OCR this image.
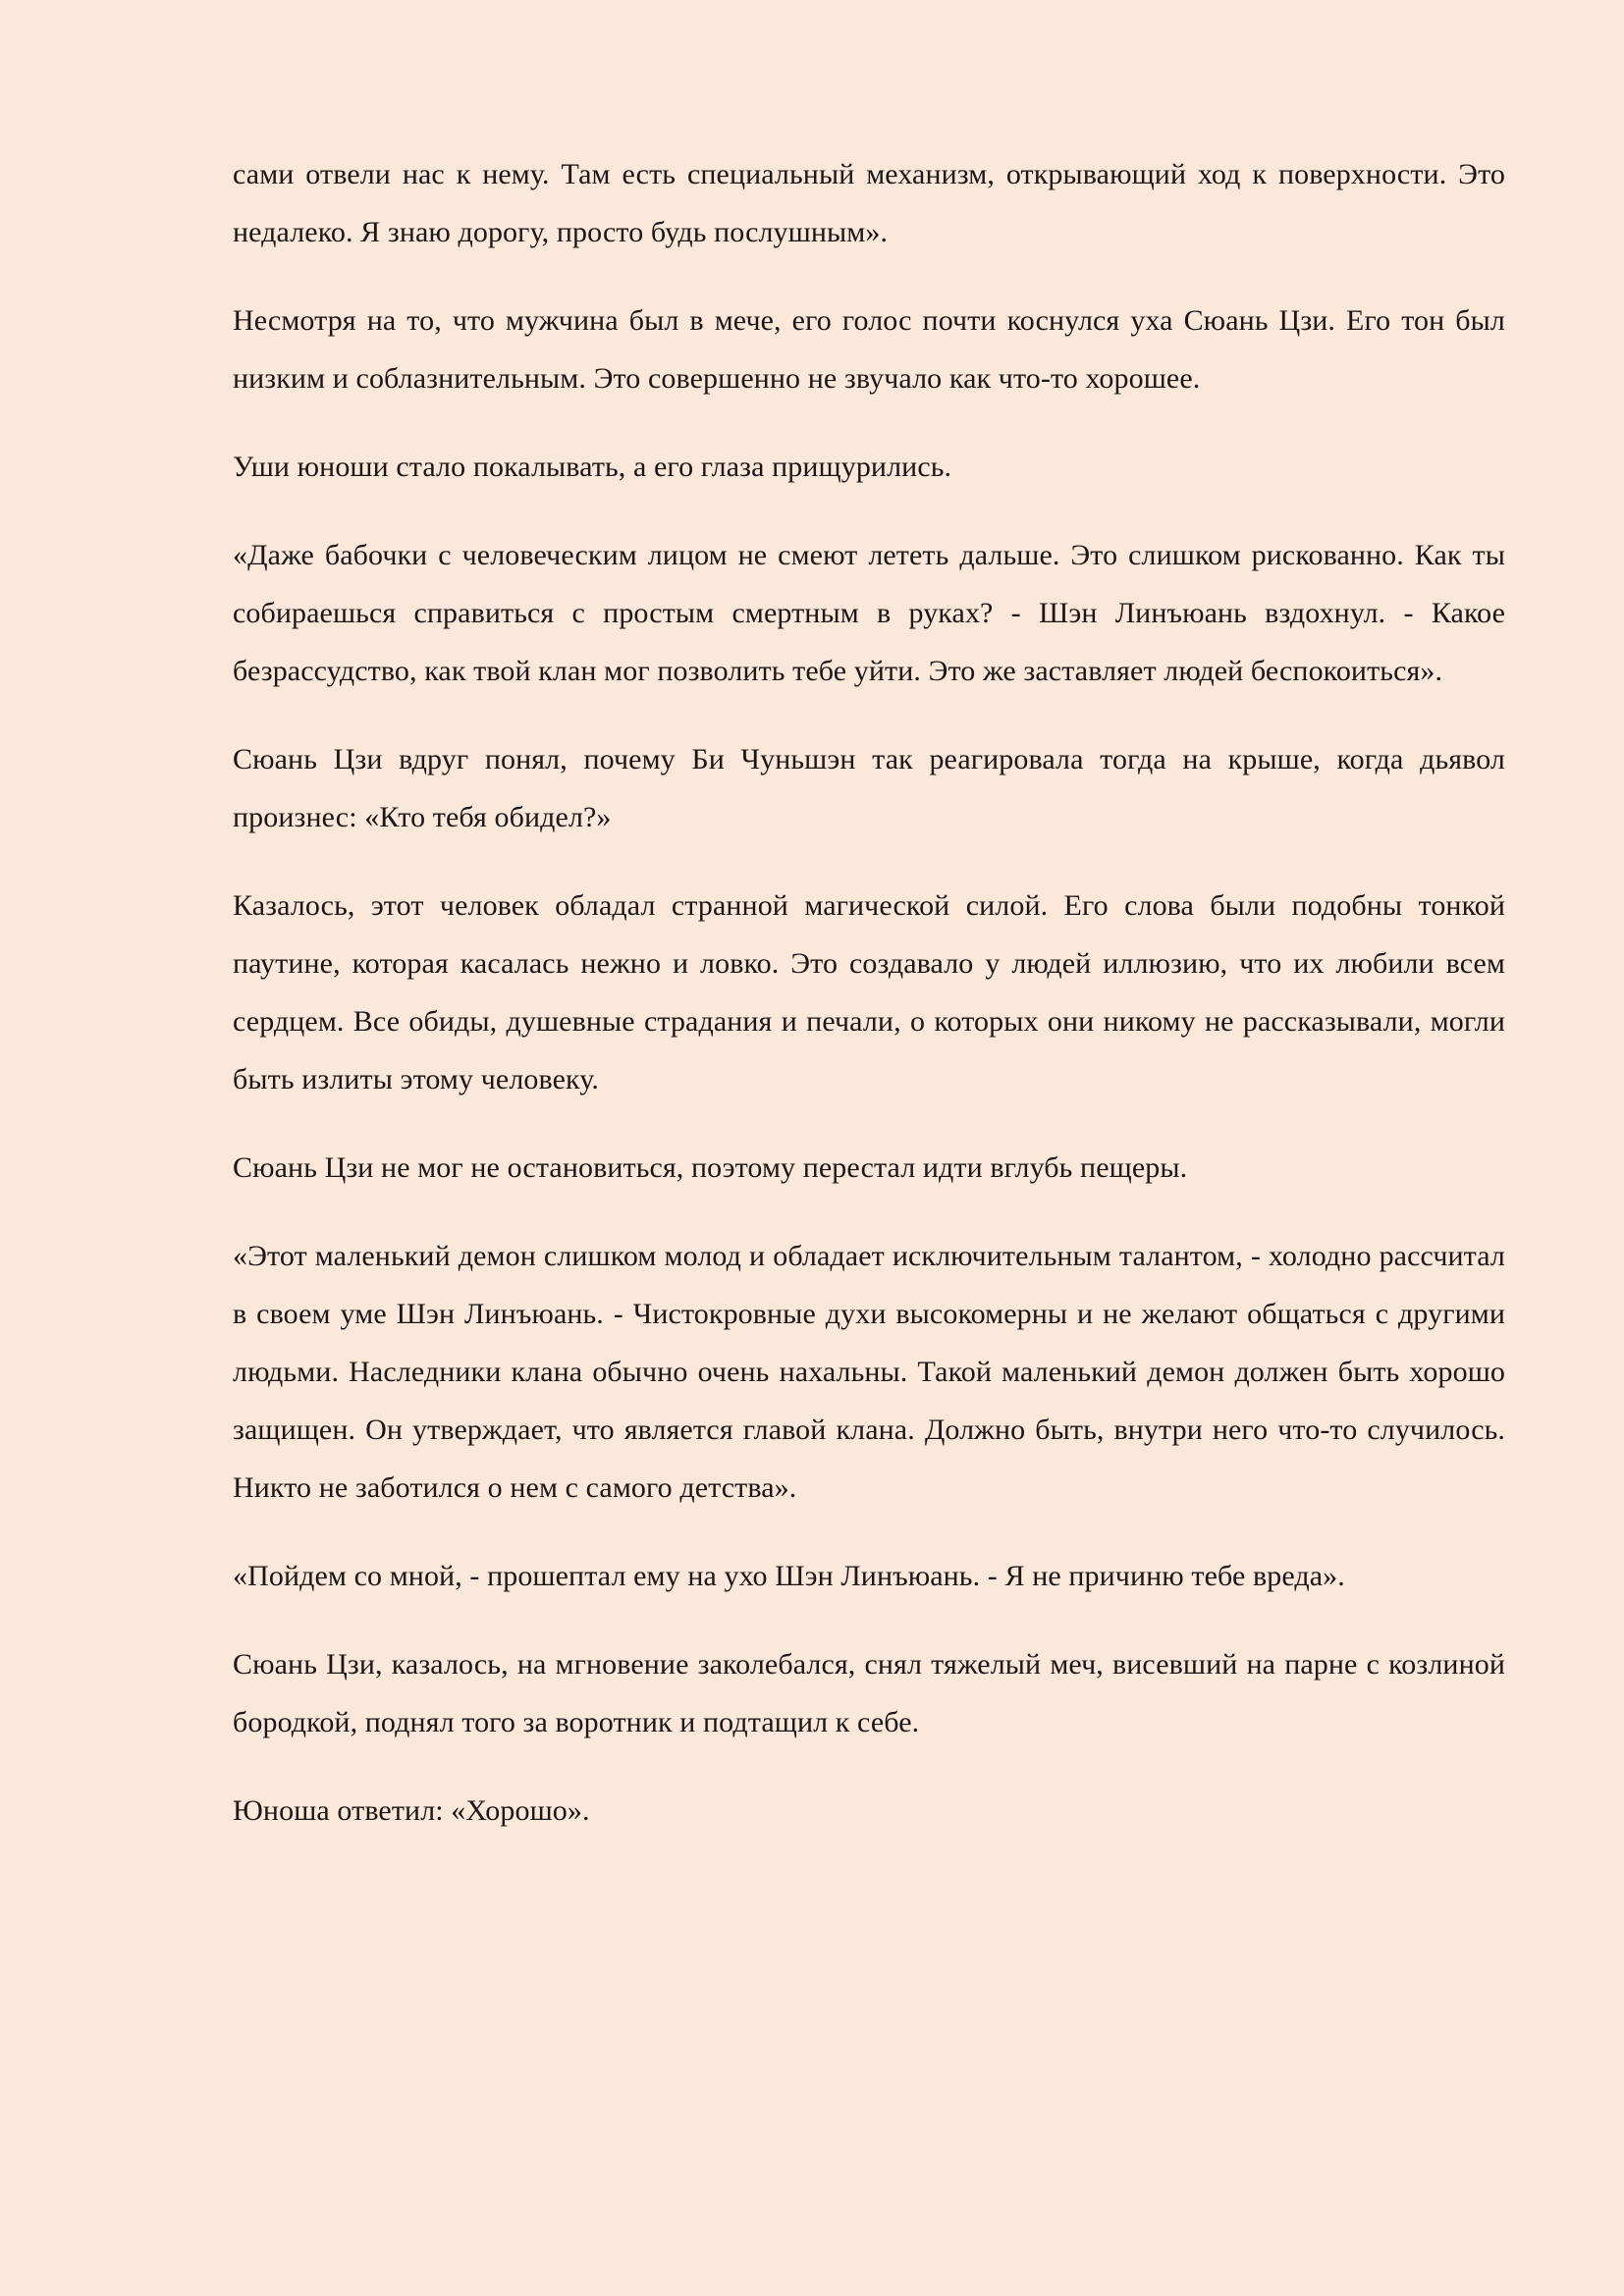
сами отвели нас к нему. Там есть специальный механизм, открывающий ход к поверхности. Это недалеко. Я знаю дорогу, просто будь послушным».

Несмотря на то, что мужчина был в мече, его голос почти коснулся уха Сюань Цзи. Его тон был низким и соблазнительным. Это совершенно не звучало как что-то хорошее.

Уши юноши стало покалывать, а его глаза прищурились.

«Даже бабочки с человеческим лицом не смеют лететь дальше. Это слишком рискованно. Как ты собираешься справиться с простым смертным в руках? - Шэн Линъюань вздохнул. - Какое безрассудство, как твой клан мог позволить тебе уйти. Это же заставляет людей беспокоиться».

Сюань Цзи вдруг понял, почему Би Чуньшэн так реагировала тогда на крыше, когда дьявол произнес: «Кто тебя обидел?»

Казалось, этот человек обладал странной магической силой. Его слова были подобны тонкой паутине, которая касалась нежно и ловко. Это создавало у людей иллюзию, что их любили всем сердцем. Все обиды, душевные страдания и печали, о которых они никому не рассказывали, могли быть излиты этому человеку.

Сюань Цзи не мог не остановиться, поэтому перестал идти вглубь пещеры.

«Этот маленький демон слишком молод и обладает исключительным талантом, - холодно рассчитал в своем уме Шэн Линъюань. - Чистокровные духи высокомерны и не желают общаться с другими людьми. Наследники клана обычно очень нахальны. Такой маленький демон должен быть хорошо защищен. Он утверждает, что является главой клана. Должно быть, внутри него что-то случилось. Никто не заботился о нем с самого детства».

«Пойдем со мной, - прошептал ему на ухо Шэн Линъюань. - Я не причиню тебе вреда».

Сюань Цзи, казалось, на мгновение заколебался, снял тяжелый меч, висевший на парне с козлиной бородкой, поднял того за воротник и подтащил к себе.

Юноша ответил: «Хорошо».
